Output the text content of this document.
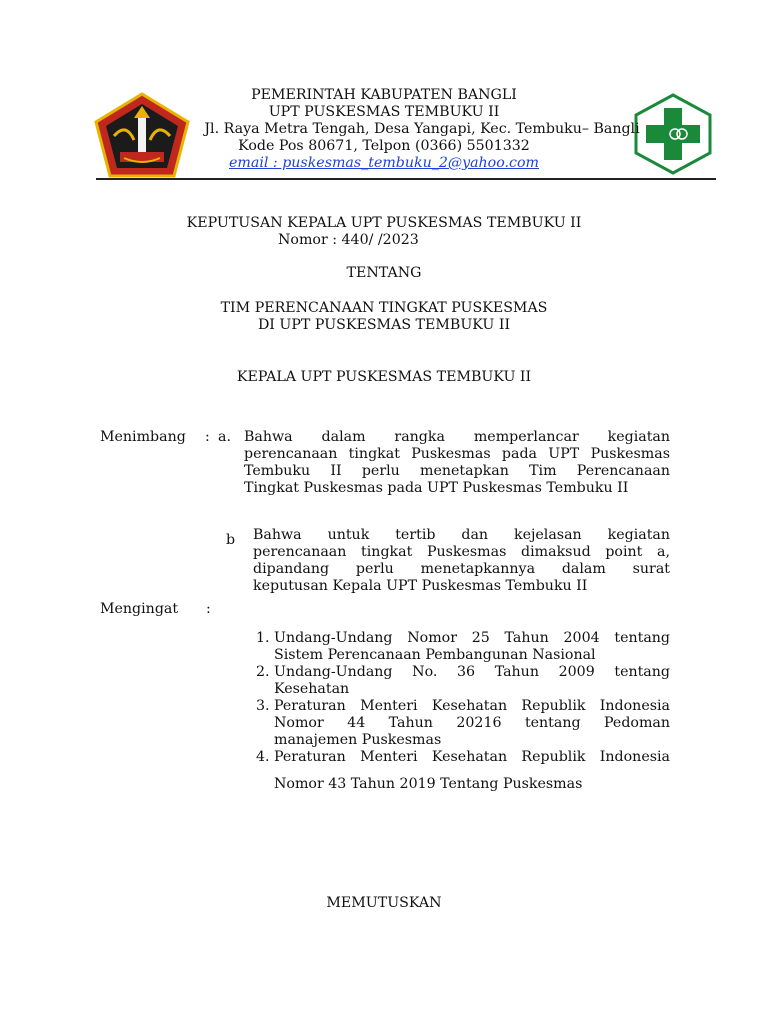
PEMERINTAH KABUPATEN BANGLI
UPT PUSKESMAS TEMBUKU II
Jl. Raya Metra Tengah, Desa Yangapi, Kec. Tembuku– Bangli
Kode Pos 80671, Telpon (0366) 5501332
email : puskesmas_tembuku_2@yahoo.com
KEPUTUSAN KEPALA UPT PUSKESMAS TEMBUKU II
Nomor : 440/ /2023
TENTANG
TIM PERENCANAAN TINGKAT PUSKESMAS
DI UPT PUSKESMAS TEMBUKU II
KEPALA UPT PUSKESMAS TEMBUKU II
Menimbang : a. Bahwa dalam rangka memperlancar kegiatan
perencanaan tingkat Puskesmas pada UPT Puskesmas
Tembuku II perlu menetapkan Tim Perencanaan
Tingkat Puskesmas pada UPT Puskesmas Tembuku II
b Bahwa untuk tertib dan kejelasan kegiatan
perencanaan tingkat Puskesmas dimaksud point a,
dipandang perlu menetapkannya dalam surat
keputusan Kepala UPT Puskesmas Tembuku II
Mengingat :
1. Undang-Undang Nomor 25 Tahun 2004 tentang
Sistem Perencanaan Pembangunan Nasional
2. Undang-Undang No. 36 Tahun 2009 tentang
Kesehatan
3. Peraturan Menteri Kesehatan Republik Indonesia
Nomor 44 Tahun 20216 tentang Pedoman
manajemen Puskesmas
4. Peraturan Menteri Kesehatan Republik Indonesia
Nomor 43 Tahun 2019 Tentang Puskesmas
MEMUTUSKAN
